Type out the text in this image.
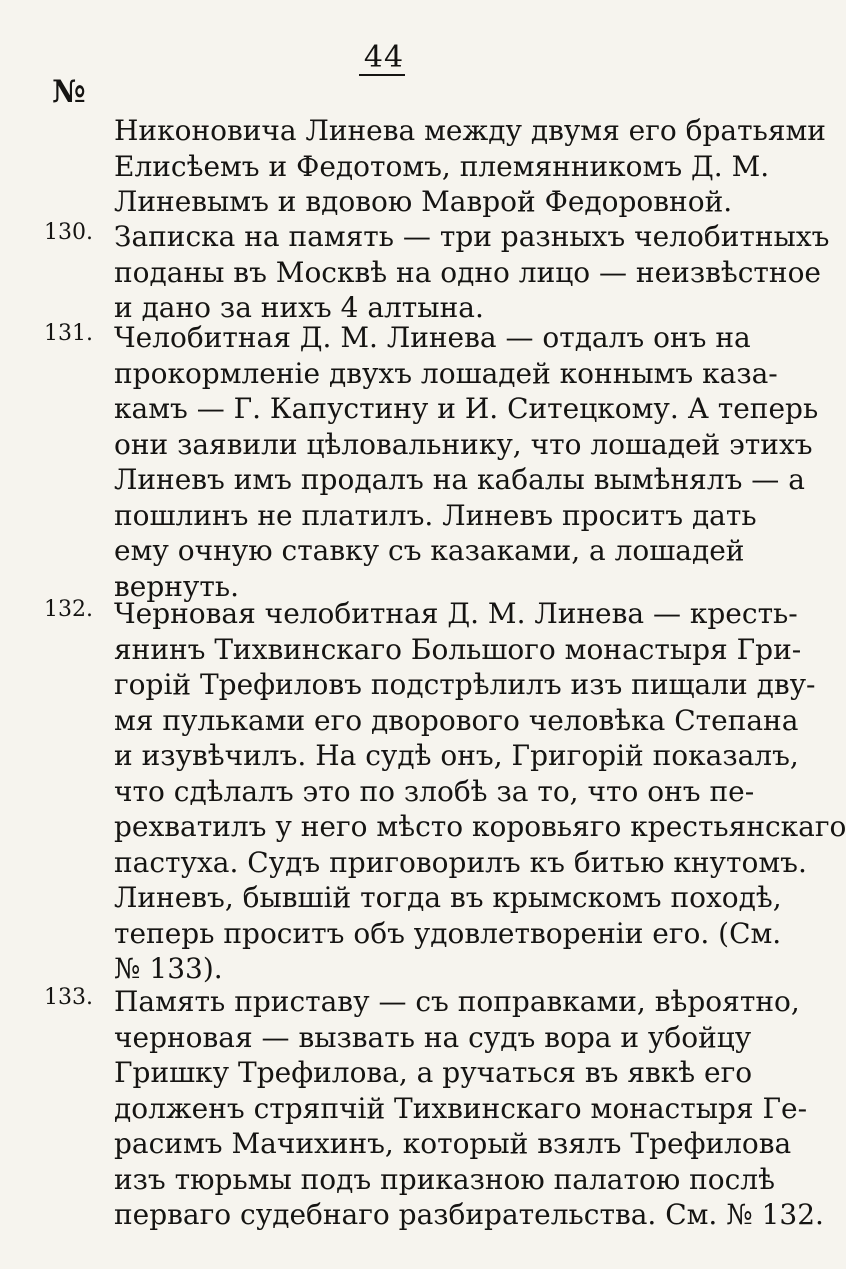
44
№
Никоновича Линева между двумя его братьями
Елисѣемъ и Федотомъ, племянникомъ Д. М.
Линевымъ и вдовою Маврой Федоровной.
130. Записка на память — три разныхъ челобитныхъ
поданы въ Москвѣ на одно лицо — неизвѣстное
и дано за нихъ 4 алтына.
131. Челобитная Д. М. Линева — отдалъ онъ на
прокормленіе двухъ лошадей коннымъ каза-
камъ — Г. Капустину и И. Ситецкому. А теперь
они заявили цѣловальнику, что лошадей этихъ
Линевъ имъ продалъ на кабалы вымѣнялъ — а
пошлинъ не платилъ. Линевъ проситъ дать
ему очную ставку съ казаками, а лошадей
вернуть.
132. Черновая челобитная Д. М. Линева — кресть-
янинъ Тихвинскаго Большого монастыря Гри-
горій Трефиловъ подстрѣлилъ изъ пищали дву-
мя пульками его дворового человѣка Степана
и изувѣчилъ. На судѣ онъ, Григорій показалъ,
что сдѣлалъ это по злобѣ за то, что онъ пе-
рехватилъ у него мѣсто коровьяго крестьянскаго
пастуха. Судъ приговорилъ къ битью кнутомъ.
Линевъ, бывшій тогда въ крымскомъ походѣ,
теперь проситъ объ удовлетвореніи его. (См.
№ 133).
133. Память приставу — съ поправками, вѣроятно,
черновая — вызвать на судъ вора и убойцу
Гришку Трефилова, а ручаться въ явкѣ его
долженъ стряпчій Тихвинскаго монастыря Ге-
расимъ Мачихинъ, который взялъ Трефилова
изъ тюрьмы подъ приказною палатою послѣ
перваго судебнаго разбирательства. См. № 132.
